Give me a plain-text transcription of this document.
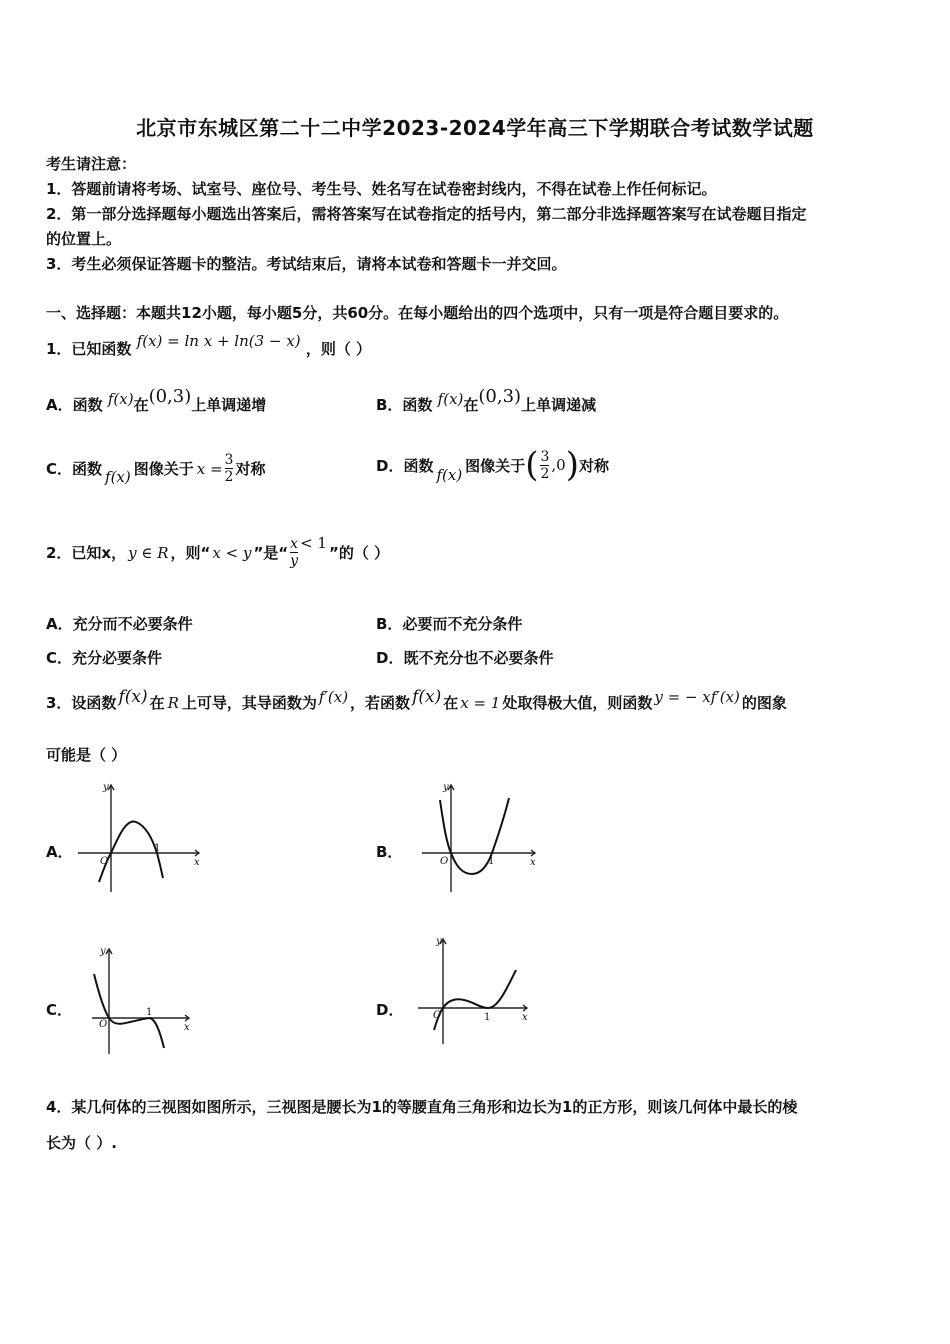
北京市东城区第二十二中学2023-2024学年高三下学期联合考试数学试题
考生请注意：
1．答题前请将考场、试室号、座位号、考生号、姓名写在试卷密封线内，不得在试卷上作任何标记。
2．第一部分选择题每小题选出答案后，需将答案写在试卷指定的括号内，第二部分非选择题答案写在试卷题目指定
的位置上。
3．考生必须保证答题卡的整洁。考试结束后，请将本试卷和答题卡一并交回。
一、选择题：本题共12小题，每小题5分，共60分。在每小题给出的四个选项中，只有一项是符合题目要求的。
1．已知函数 f(x) = ln x + ln(3 − x) ，则（ ）
A．函数 f(x)在(0,3)上单调递增	B．函数 f(x)在(0,3)上单调递减
C．函数 f(x) 图像关于 $x = \frac{3}{2}$ 对称	D．函数
f(x)
图像关于 ( $\frac{3}{2} ,0$ ) 对称
2．已知x， y ∈ R ，则“ x < y ”是“ $\frac{x}{y} < 1$
”的（ ）
A．充分而不必要条件	B．必要而不充分条件
C．充分必要条件	D．既不充分也不必要条件
3．设函数 f(x) 在 R 上可导，其导函数为 f′(x) ，若函数 f(x) 在 x = 1 处取得极大值，则函数 y = − xf′(x) 的图象
可能是（ ）
A．	B．
C．	D．
y
x
O
1
y
x
O	1
y
x
O
1
y
x
O	1
4．某几何体的三视图如图所示，三视图是腰长为1的等腰直角三角形和边长为1的正方形，则该几何体中最长的棱
长为（ ）.
